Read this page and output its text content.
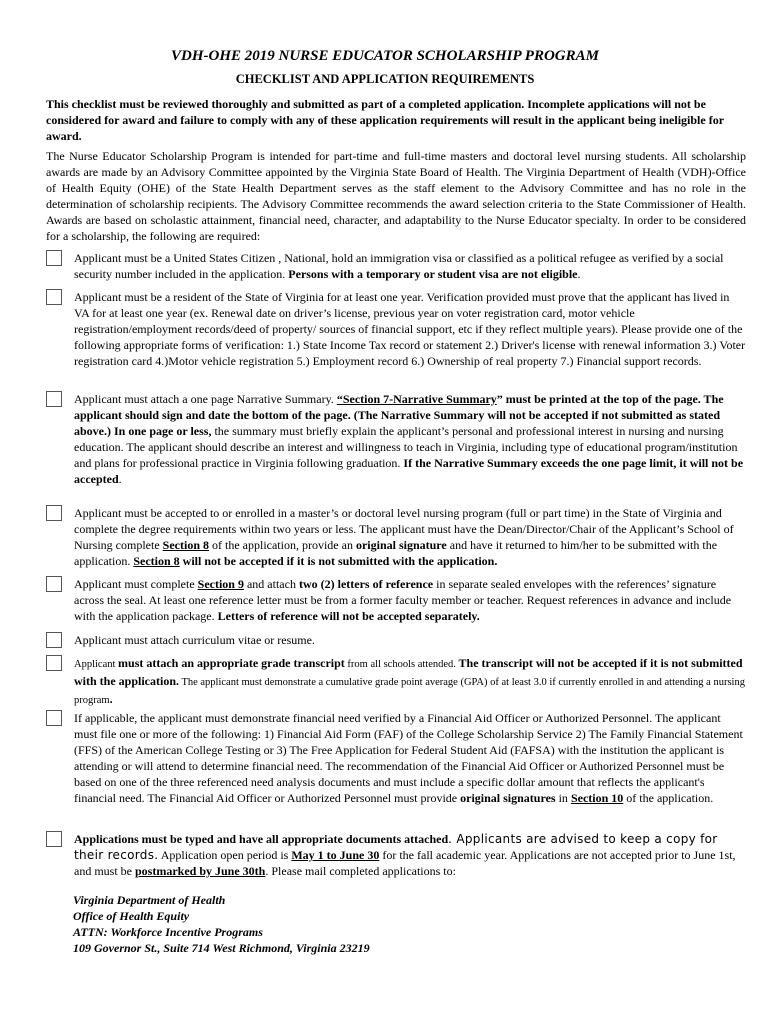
VDH-OHE 2019 NURSE EDUCATOR SCHOLARSHIP PROGRAM
CHECKLIST AND APPLICATION REQUIREMENTS
This checklist must be reviewed thoroughly and submitted as part of a completed application. Incomplete applications will not be considered for award and failure to comply with any of these application requirements will result in the applicant being ineligible for award.
The Nurse Educator Scholarship Program is intended for part-time and full-time masters and doctoral level nursing students. All scholarship awards are made by an Advisory Committee appointed by the Virginia State Board of Health. The Virginia Department of Health (VDH)-Office of Health Equity (OHE) of the State Health Department serves as the staff element to the Advisory Committee and has no role in the determination of scholarship recipients. The Advisory Committee recommends the award selection criteria to the State Commissioner of Health. Awards are based on scholastic attainment, financial need, character, and adaptability to the Nurse Educator specialty. In order to be considered for a scholarship, the following are required:
Applicant must be a United States Citizen , National, hold an immigration visa or classified as a political refugee as verified by a social security number included in the application. Persons with a temporary or student visa are not eligible.
Applicant must be a resident of the State of Virginia for at least one year. Verification provided must prove that the applicant has lived in VA for at least one year (ex. Renewal date on driver’s license, previous year on voter registration card, motor vehicle registration/employment records/deed of property/ sources of financial support, etc if they reflect multiple years). Please provide one of the following appropriate forms of verification: 1.) State Income Tax record or statement 2.) Driver's license with renewal information 3.) Voter registration card 4.)Motor vehicle registration 5.) Employment record 6.) Ownership of real property 7.) Financial support records.
Applicant must attach a one page Narrative Summary. “Section 7-Narrative Summary” must be printed at the top of the page. The applicant should sign and date the bottom of the page. (The Narrative Summary will not be accepted if not submitted as stated above.) In one page or less, the summary must briefly explain the applicant’s personal and professional interest in nursing and nursing education. The applicant should describe an interest and willingness to teach in Virginia, including type of educational program/institution and plans for professional practice in Virginia following graduation. If the Narrative Summary exceeds the one page limit, it will not be accepted.
Applicant must be accepted to or enrolled in a master’s or doctoral level nursing program (full or part time) in the State of Virginia and complete the degree requirements within two years or less. The applicant must have the Dean/Director/Chair of the Applicant’s School of Nursing complete Section 8 of the application, provide an original signature and have it returned to him/her to be submitted with the application. Section 8 will not be accepted if it is not submitted with the application.
Applicant must complete Section 9 and attach two (2) letters of reference in separate sealed envelopes with the references’ signature across the seal. At least one reference letter must be from a former faculty member or teacher. Request references in advance and include with the application package. Letters of reference will not be accepted separately.
Applicant must attach curriculum vitae or resume.
Applicant must attach an appropriate grade transcript from all schools attended. The transcript will not be accepted if it is not submitted with the application. The applicant must demonstrate a cumulative grade point average (GPA) of at least 3.0 if currently enrolled in and attending a nursing program.
If applicable, the applicant must demonstrate financial need verified by a Financial Aid Officer or Authorized Personnel. The applicant must file one or more of the following: 1) Financial Aid Form (FAF) of the College Scholarship Service 2) The Family Financial Statement (FFS) of the American College Testing or 3) The Free Application for Federal Student Aid (FAFSA) with the institution the applicant is attending or will attend to determine financial need. The recommendation of the Financial Aid Officer or Authorized Personnel must be based on one of the three referenced need analysis documents and must include a specific dollar amount that reflects the applicant's financial need. The Financial Aid Officer or Authorized Personnel must provide original signatures in Section 10 of the application.
Applications must be typed and have all appropriate documents attached. Applicants are advised to keep a copy for their records. Application open period is May 1 to June 30 for the fall academic year. Applications are not accepted prior to June 1st, and must be postmarked by June 30th. Please mail completed applications to:
Virginia Department of Health
Office of Health Equity
ATTN: Workforce Incentive Programs
109 Governor St., Suite 714 West Richmond, Virginia 23219
